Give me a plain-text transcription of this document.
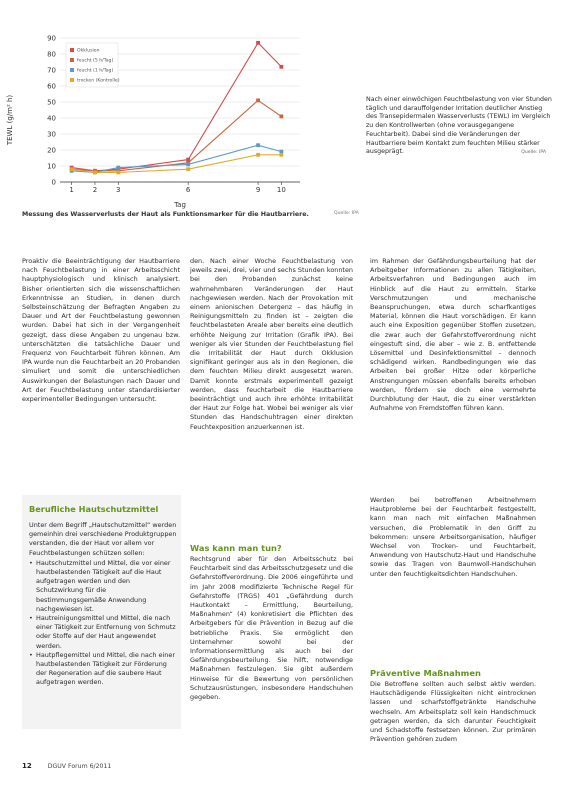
0
10
20
30
40
50
60
70
80
90
1	2	3	6	9 10
Tag
TEWL (g/m² h)
Okklusion
feucht (5 h/Tag)
feucht (1 h/Tag)
trocken (Kontrolle)
Nach einer einwöchigen Feuchtbelastung von vier Stunden täglich und darauffolgender Irritation deutlicher Anstieg des Transepidermalen Wasserverlusts (TEWL) im Vergleich zu den Kontrollwerten (ohne vorausgegangene Feuchtarbeit). Dabei sind die Veränderungen der Hautbarriere beim Kontakt zum feuchten Milieu stärker ausgeprägt.	Quelle: IPA
Messung des Wasserverlusts der Haut als Funktionsmarker für die Hautbarriere.	Quelle: IPA

Proaktiv die Beeinträchtigung der Hautbarriere nach Feuchtbelastung in einer Arbeitsschicht hauptphysiologisch und klinisch analysiert. Bisher orientierten sich die wissenschaftlichen Erkenntnisse an Studien, in denen durch Selbsteinschätzung der Befragten Angaben zu Dauer und Art der Feuchtbelastung gewonnen wurden. Dabei hat sich in der Vergangenheit gezeigt, dass diese Angaben zu ungenau bzw. unterschätzten die tatsächliche Dauer und Frequenz von Feuchtarbeit führen können. Am IPA wurde nun die Feuchtarbeit an 20 Probanden simuliert und somit die unterschiedlichen Auswirkungen der Belastungen nach Dauer und Art der Feuchtbelastung unter standardisierter experimenteller Bedingungen untersucht.

den. Nach einer Woche Feuchtbelastung von jeweils zwei, drei, vier und sechs Stunden konnten bei den Probanden zunächst keine wahrnehmbaren Veränderungen der Haut nachgewiesen werden. Nach der Provokation mit einem anionischen Detergenz – das häufig in Reinigungsmitteln zu finden ist – zeigten die feuchtbelasteten Areale aber bereits eine deutlich erhöhte Neigung zur Irritation (Grafik IPA). Bei weniger als vier Stunden der Feuchtbelastung fiel die Irritabilität der Haut durch Okklusion signifikant geringer aus als in den Regionen, die dem feuchten Milieu direkt ausgesetzt waren. Damit konnte erstmals experimentell gezeigt werden, dass feuchtarbeit die Hautbarriere beeinträchtigt und auch ihre erhöhte Irritabilität der Haut zur Folge hat. Wobei bei weniger als vier Stunden das Handschuhtragen einer direkten Feuchtexposition anzuerkennen ist.

im Rahmen der Gefährdungsbeurteilung hat der Arbeitgeber Informationen zu allen Tätigkeiten, Arbeitsverfahren und Bedingungen auch im Hinblick auf die Haut zu ermitteln. Starke Verschmutzungen und mechanische Beanspruchungen, etwa durch scharfkantiges Material, können die Haut vorschädigen. Er kann auch eine Exposition gegenüber Stoffen zusetzen, die zwar auch der Gefahrstoffverordnung nicht eingestuft sind, die aber – wie z. B. entfettende Lösemittel und Desinfektionsmittel – dennoch schädigend wirken. Randbedingungen wie das Arbeiten bei großer Hitze oder körperliche Anstrengungen müssen ebenfalls bereits erhoben werden, fördern sie doch eine vermehrte Durchblutung der Haut, die zu einer verstärkten Aufnahme von Fremdstoffen führen kann.

Berufliche Hautschutzmittel

Unter dem Begriff „Hautschutzmittel“ werden gemeinhin drei verschiedene Produktgruppen verstanden, die der Haut vor allem vor Feuchtbelastungen schützen sollen:

• Hautschutzmittel und Mittel, die vor einer hautbelastenden Tätigkeit auf die Haut aufgetragen werden und den Schutzwirkung für die bestimmungsgemäße Anwendung nachgewiesen ist.
• Hautreinigungsmittel und Mittel, die nach einer Tätigkeit zur Entfernung von Schmutz oder Stoffe auf der Haut angewendet werden.
• Hautpflegemittel und Mittel, die nach einer hautbelastenden Tätigkeit zur Förderung der Regeneration auf die saubere Haut aufgetragen werden.
Was kann man tun?

Rechtsgrund aber für den Arbeitsschutz bei Feuchtarbeit sind das Arbeitsschutzgesetz und die Gefahrstoffverordnung. Die 2006 eingeführte und im Jahr 2008 modifizierte Technische Regel für Gefahrstoffe (TRGS) 401 „Gefährdung durch Hautkontakt – Ermittlung, Beurteilung, Maßnahmen“ (4) konkretisiert die Pflichten des Arbeitgebers für die Prävention in Bezug auf die betriebliche Praxis. Sie ermöglicht den Unternehmer sowohl bei der Informationsermittlung als auch bei der Gefährdungsbeurteilung. Sie hilft, notwendige Maßnahmen festzulegen. Sie gibt außerdem Hinweise für die Bewertung von persönlichen Schutzausrüstungen, insbesondere Handschuhen gegeben.

Werden bei betroffenen Arbeitnehmern Hautprobleme bei der Feuchtarbeit festgestellt, kann man nach mit einfachen Maßnahmen versuchen, die Problematik in den Griff zu bekommen: unsere Arbeitsorganisation, häufiger Wechsel von Trocken- und Feuchtarbeit, Anwendung von Hautschutz-Haut und Handschuhe sowie das Tragen von Baumwoll-Handschuhen unter den feuchtigkeitsdichten Handschuhen.

Präventive Maßnahmen

Die Betroffene sollten auch selbst aktiv werden. Hautschädigende Flüssigkeiten nicht eintrocknen lassen und scharfstoffgetränkte Handschuhe wechseln. Am Arbeitsplatz soll kein Handschmuck getragen werden, da sich darunter Feuchtigkeit und Schadstoffe festsetzen können. Zur primären Prävention gehören zudem

12	DGUV Forum 6/2011
